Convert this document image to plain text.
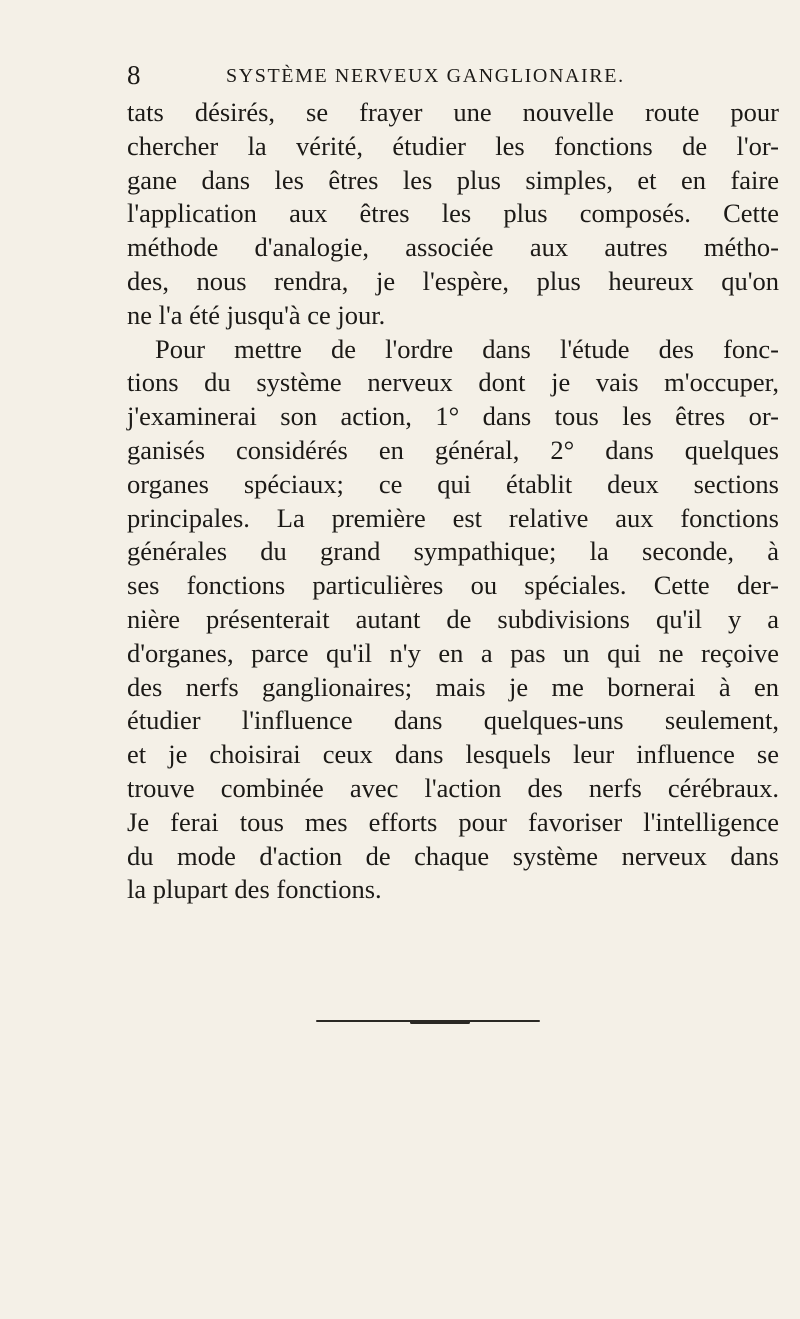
8	SYSTÈME NERVEUX GANGLIONAIRE.
tats désirés, se frayer une nouvelle route pour
chercher la vérité, étudier les fonctions de l'or-
gane dans les êtres les plus simples, et en faire
l'application aux êtres les plus composés. Cette
méthode d'analogie, associée aux autres métho-
des, nous rendra, je l'espère, plus heureux qu'on
ne l'a été jusqu'à ce jour.
Pour mettre de l'ordre dans l'étude des fonc-
tions du système nerveux dont je vais m'occuper,
j'examinerai son action, 1° dans tous les êtres or-
ganisés considérés en général, 2° dans quelques
organes spéciaux; ce qui établit deux sections
principales. La première est relative aux fonctions
générales du grand sympathique; la seconde, à
ses fonctions particulières ou spéciales. Cette der-
nière présenterait autant de subdivisions qu'il y a
d'organes, parce qu'il n'y en a pas un qui ne reçoive
des nerfs ganglionaires; mais je me bornerai à en
étudier l'influence dans quelques-uns seulement,
et je choisirai ceux dans lesquels leur influence se
trouve combinée avec l'action des nerfs cérébraux.
Je ferai tous mes efforts pour favoriser l'intelligence
du mode d'action de chaque système nerveux dans
la plupart des fonctions.
